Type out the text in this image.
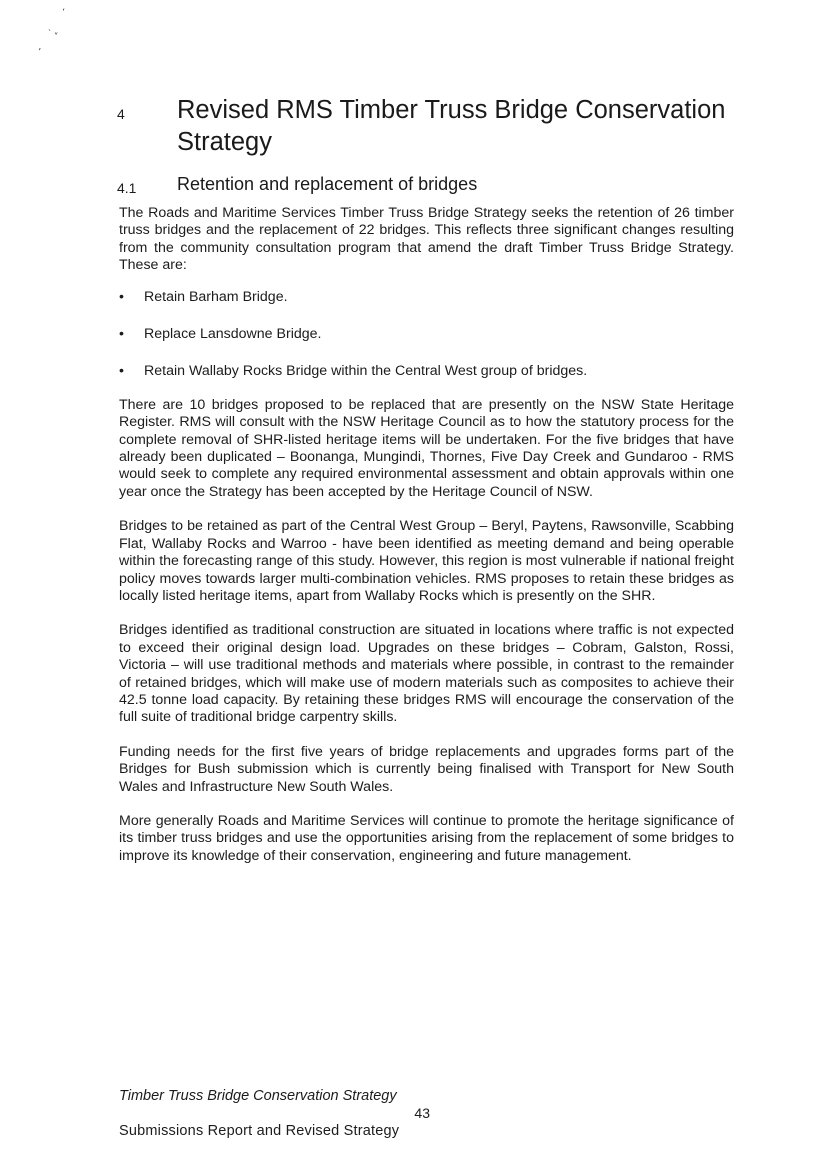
ʻ
˴ ˬ
ʼ
4 Revised RMS Timber Truss Bridge Conservation Strategy
4.1 Retention and replacement of bridges

The Roads and Maritime Services Timber Truss Bridge Strategy seeks the retention of 26 timber truss bridges and the replacement of 22 bridges. This reflects three significant changes resulting from the community consultation program that amend the draft Timber Truss Bridge Strategy. These are:

• Retain Barham Bridge.
• Replace Lansdowne Bridge.
• Retain Wallaby Rocks Bridge within the Central West group of bridges.

There are 10 bridges proposed to be replaced that are presently on the NSW State Heritage Register. RMS will consult with the NSW Heritage Council as to how the statutory process for the complete removal of SHR-listed heritage items will be undertaken. For the five bridges that have already been duplicated – Boonanga, Mungindi, Thornes, Five Day Creek and Gundaroo - RMS would seek to complete any required environmental assessment and obtain approvals within one year once the Strategy has been accepted by the Heritage Council of NSW.

Bridges to be retained as part of the Central West Group – Beryl, Paytens, Rawsonville, Scabbing Flat, Wallaby Rocks and Warroo - have been identified as meeting demand and being operable within the forecasting range of this study. However, this region is most vulnerable if national freight policy moves towards larger multi-combination vehicles. RMS proposes to retain these bridges as locally listed heritage items, apart from Wallaby Rocks which is presently on the SHR.

Bridges identified as traditional construction are situated in locations where traffic is not expected to exceed their original design load. Upgrades on these bridges – Cobram, Galston, Rossi, Victoria – will use traditional methods and materials where possible, in contrast to the remainder of retained bridges, which will make use of modern materials such as composites to achieve their 42.5 tonne load capacity. By retaining these bridges RMS will encourage the conservation of the full suite of traditional bridge carpentry skills.

Funding needs for the first five years of bridge replacements and upgrades forms part of the Bridges for Bush submission which is currently being finalised with Transport for New South Wales and Infrastructure New South Wales.

More generally Roads and Maritime Services will continue to promote the heritage significance of its timber truss bridges and use the opportunities arising from the replacement of some bridges to improve its knowledge of their conservation, engineering and future management.

Timber Truss Bridge Conservation Strategy
43
Submissions Report and Revised Strategy
